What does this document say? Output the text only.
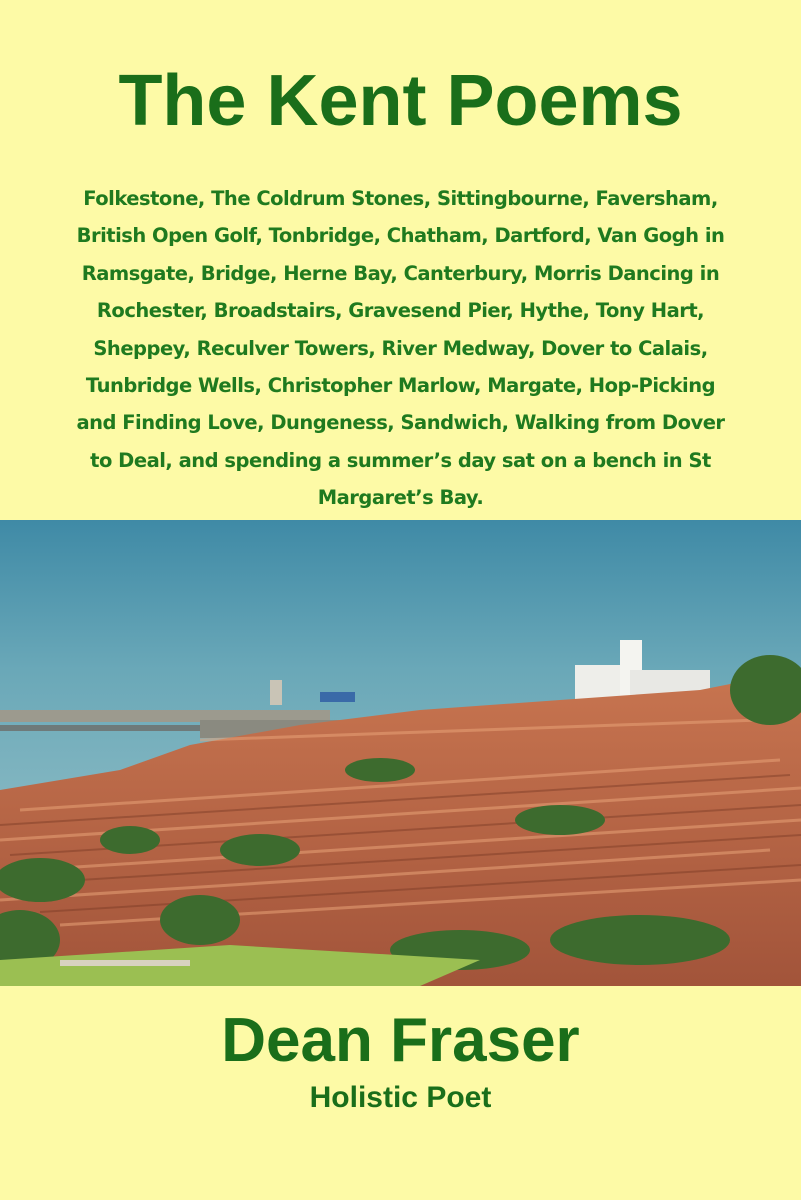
The Kent Poems

Folkestone, The Coldrum Stones, Sittingbourne, Faversham, British Open Golf, Tonbridge, Chatham, Dartford, Van Gogh in Ramsgate, Bridge, Herne Bay, Canterbury, Morris Dancing in Rochester, Broadstairs, Gravesend Pier, Hythe, Tony Hart, Sheppey, Reculver Towers, River Medway, Dover to Calais, Tunbridge Wells, Christopher Marlow, Margate, Hop-Picking and Finding Love, Dungeness, Sandwich, Walking from Dover to Deal, and spending a summer’s day sat on a bench in St Margaret’s Bay.

Dean Fraser
Holistic Poet
